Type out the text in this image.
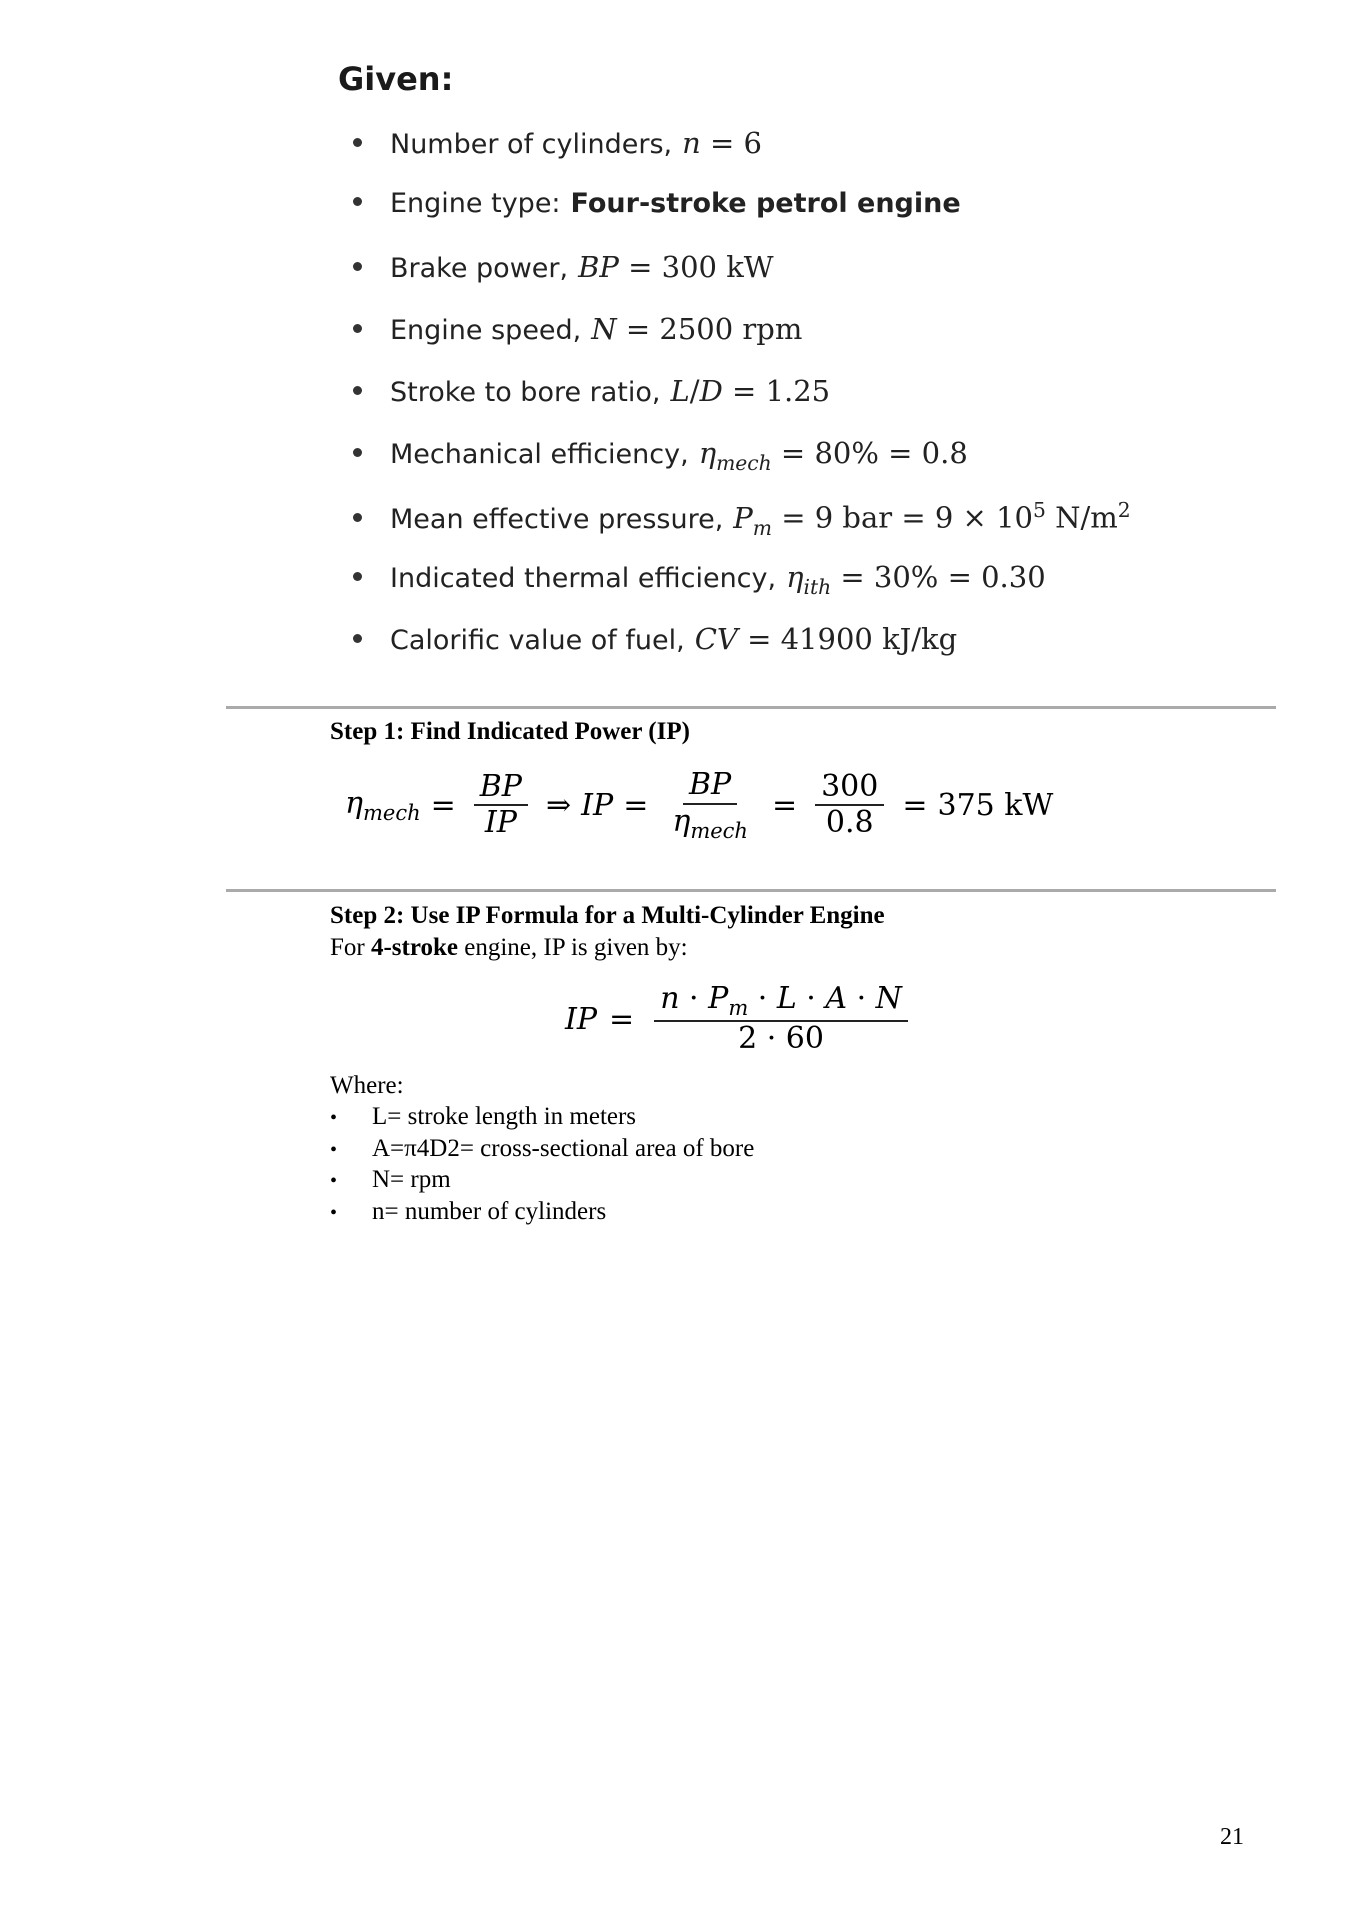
Given:
Number of cylinders, n = 6
Engine type: Four-stroke petrol engine
Brake power, BP = 300 kW
Engine speed, N = 2500 rpm
Stroke to bore ratio, L/D = 1.25
Mechanical efficiency, $\eta_{mech} = 80\% = 0.8$
Mean effective pressure, $P_m = 9$ bar = $9 \times 10^5$ $N/m^2$
Indicated thermal efficiency, $\eta_{ith} = 30\% = 0.30$
Calorific value of fuel, CV = 41900 kJ/kg
Step 1: Find Indicated Power (IP)
$\eta_{mech} = \frac{BP}{IP}$ ⇒ IP = $\frac{BP}{\eta_{mech}} = \frac{300}{0.8} = 375$ kW
Step 2: Use IP Formula for a Multi-Cylinder Engine
For 4-stroke engine, IP is given by:
IP = $\frac{n \cdot P_m \cdot L \cdot A \cdot N}{2 \cdot 60}$
Where:
•	L= stroke length in meters
•	A=π4D2= cross-sectional area of bore
•	N= rpm
•	n= number of cylinders
21
